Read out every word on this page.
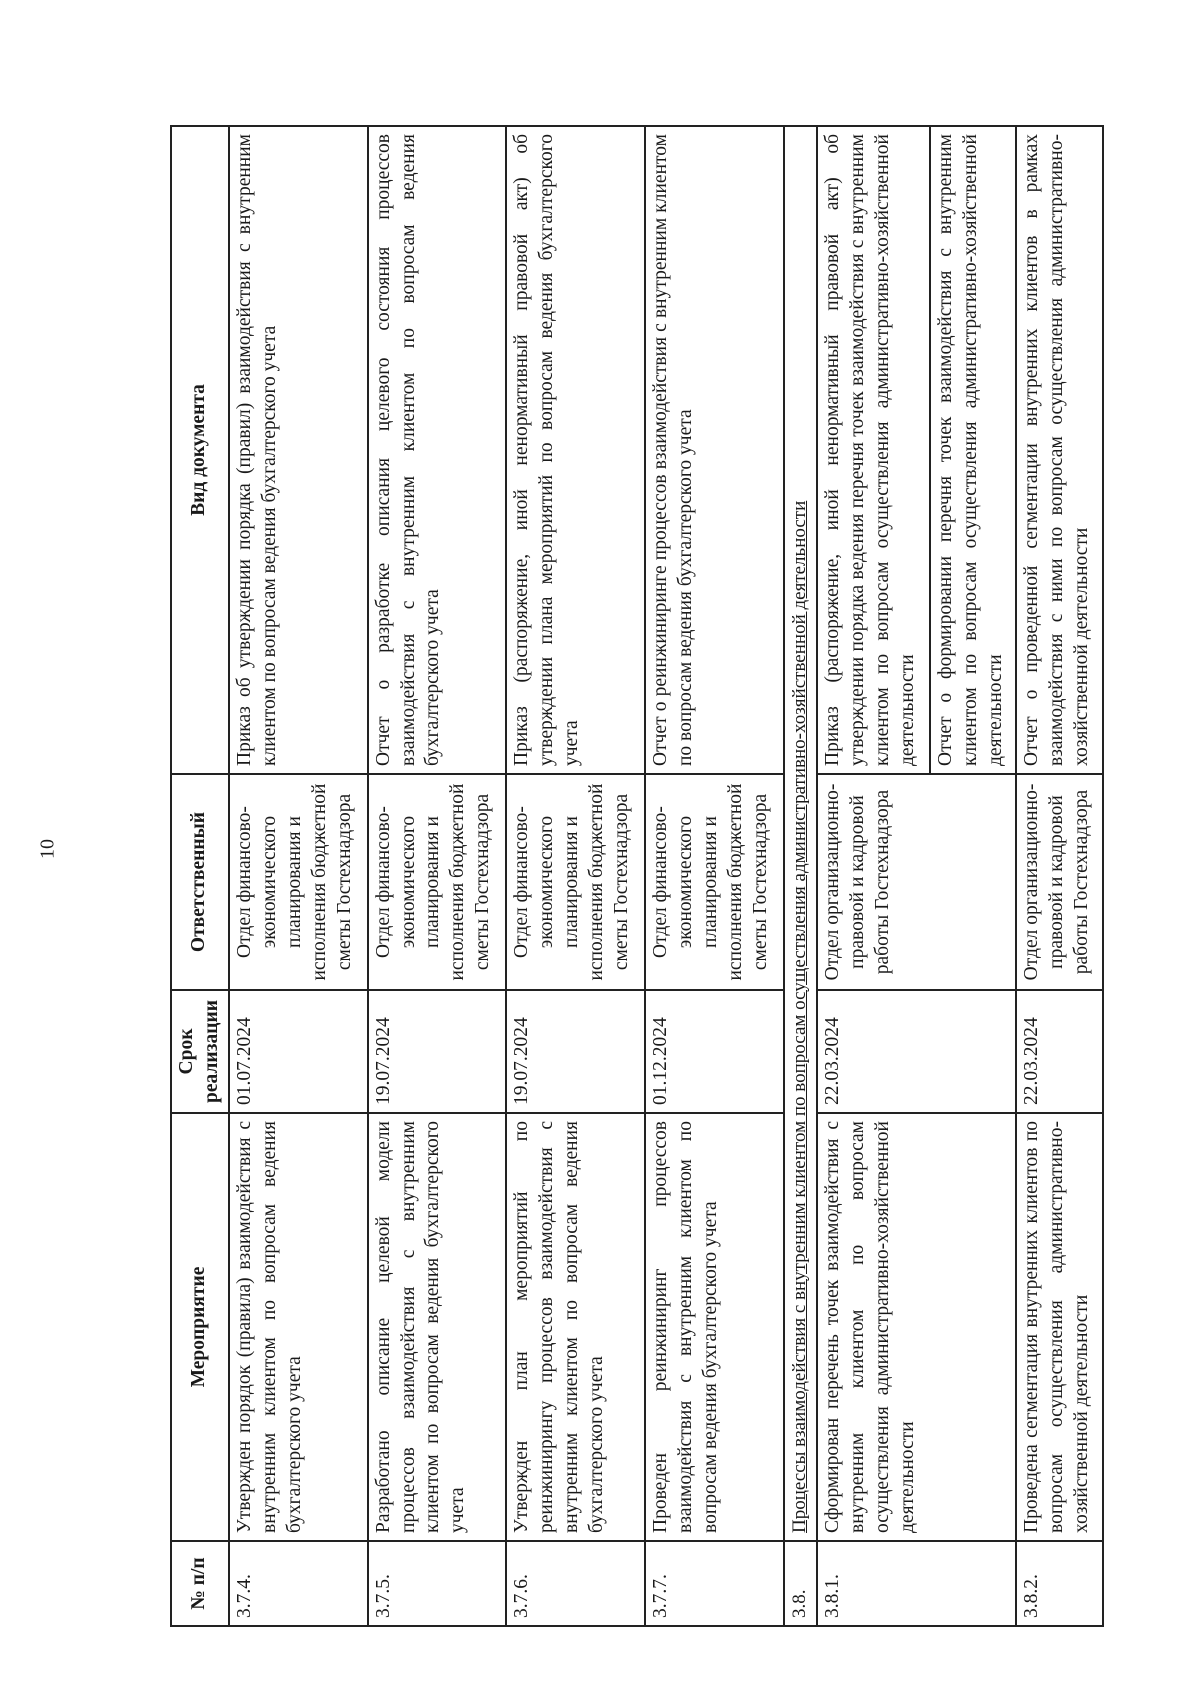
10
№ п/п	Мероприятие	Срок реализации	Ответственный	Вид документа
3.7.4.	Утвержден порядок (правила) взаимодействия с внутренним клиентом по вопросам ведения бухгалтерского учета	01.07.2024	Отдел финансово-экономического планирования и исполнения бюджетной сметы Гостехнадзора	Приказ об утверждении порядка (правил) взаимодействия с внутренним клиентом по вопросам ведения бухгалтерского учета
3.7.5.	Разработано описание целевой модели процессов взаимодействия с внутренним клиентом по вопросам ведения бухгалтерского учета	19.07.2024	Отдел финансово-экономического планирования и исполнения бюджетной сметы Гостехнадзора	Отчет о разработке описания целевого состояния процессов взаимодействия с внутренним клиентом по вопросам ведения бухгалтерского учета
3.7.6.	Утвержден план мероприятий по реинжинирингу процессов взаимодействия с внутренним клиентом по вопросам ведения бухгалтерского учета	19.07.2024	Отдел финансово-экономического планирования и исполнения бюджетной сметы Гостехнадзора	Приказ (распоряжение, иной ненормативный правовой акт) об утверждении плана мероприятий по вопросам ведения бухгалтерского учета
3.7.7.	Проведен реинжиниринг процессов взаимодействия с внутренним клиентом по вопросам ведения бухгалтерского учета	01.12.2024	Отдел финансово-экономического планирования и исполнения бюджетной сметы Гостехнадзора	Отчет о реинжиниринге процессов взаимодействия с внутренним клиентом по вопросам ведения бухгалтерского учета
3.8.	Процессы взаимодействия с внутренним клиентом по вопросам осуществления административно-хозяйственной деятельности			
3.8.1.	Сформирован перечень точек взаимодействия с внутренним клиентом по вопросам осуществления административно-хозяйственной деятельности	22.03.2024	Отдел организационно-правовой и кадровой работы Гостехнадзора	Приказ (распоряжение, иной ненормативный правовой акт) об утверждении порядка ведения перечня точек взаимодействия с внутренним клиентом по вопросам осуществления административно-хозяйственной деятельности
				Отчет о формировании перечня точек взаимодействия с внутренним клиентом по вопросам осуществления административно-хозяйственной деятельности
3.8.2.	Проведена сегментация внутренних клиентов по вопросам осуществления административно-хозяйственной деятельности	22.03.2024	Отдел организационно-правовой и кадровой работы Гостехнадзора	Отчет о проведенной сегментации внутренних клиентов в рамках взаимодействия с ними по вопросам осуществления административно-хозяйственной деятельности
